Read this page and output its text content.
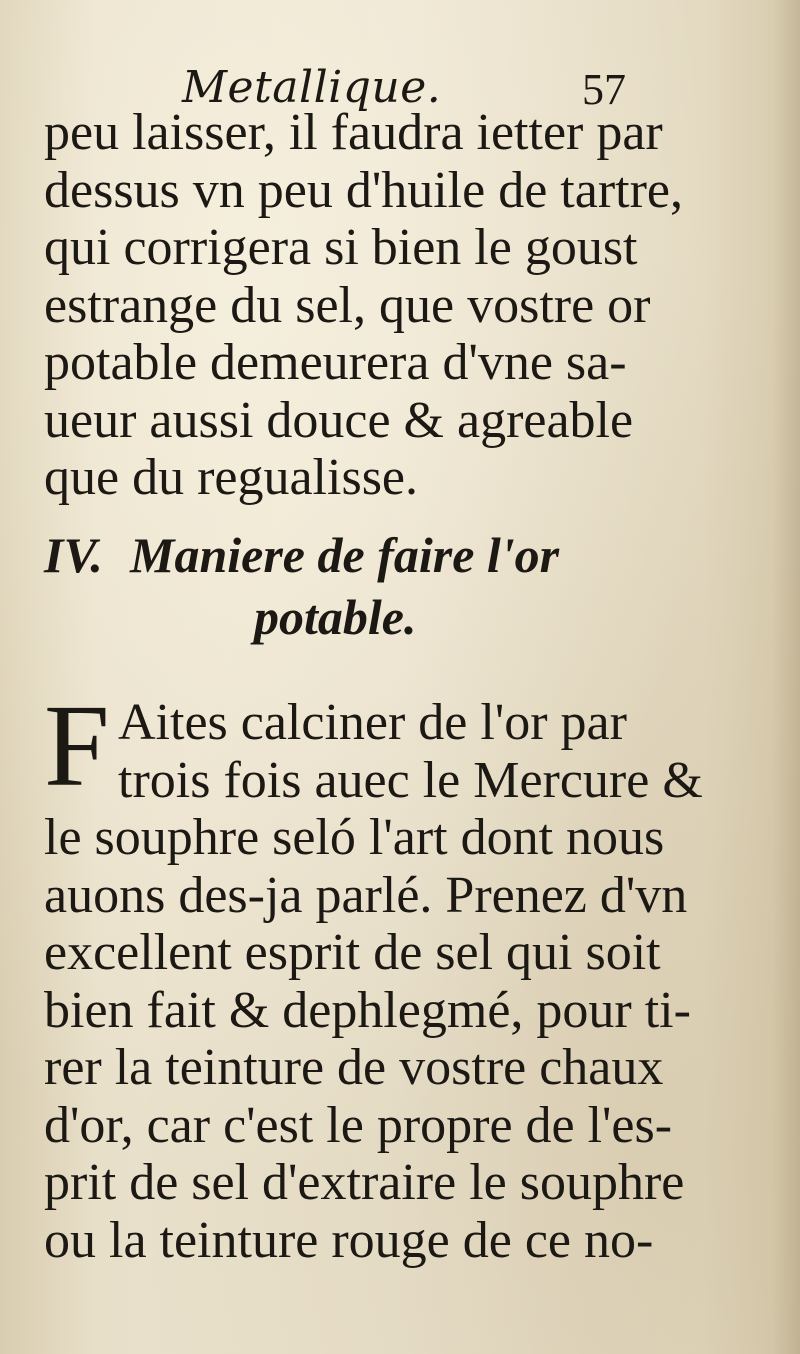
Metallique.	57
peu laisser, il faudra ietter par
dessus vn peu d'huile de tartre,
qui corrigera si bien le goust
estrange du sel, que vostre or
potable demeurera d'vne sa-
ueur aussi douce & agreable
que du regualisse.
IV. Maniere de faire l'or
potable.
F Aites calciner de l'or par
trois fois auec le Mercure &
le souphre seló l'art dont nous
auons des-ja parlé. Prenez d'vn
excellent esprit de sel qui soit
bien fait & dephlegmé, pour ti-
rer la teinture de vostre chaux
d'or, car c'est le propre de l'es-
prit de sel d'extraire le souphre
ou la teinture rouge de ce no-
